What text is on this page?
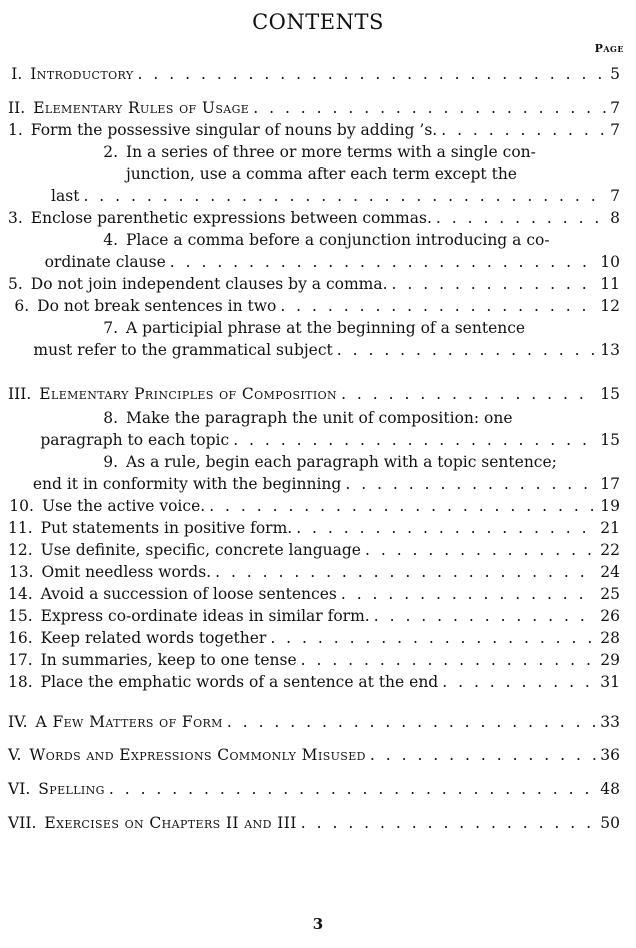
CONTENTS
Page
I. Introductory . . .	5
II. Elementary Rules of Usage . . .	7
1. Form the possessive singular of nouns by adding ’s. . . .	7
2. In a series of three or more terms with a single con-
junction, use a comma after each term except the
last . . .	7
3. Enclose parenthetic expressions between commas. . . .	8
4. Place a comma before a conjunction introducing a co-
ordinate clause . . .	10
5. Do not join independent clauses by a comma. . . .	11
6. Do not break sentences in two . . .	12
7. A participial phrase at the beginning of a sentence
must refer to the grammatical subject . . .	13
III. Elementary Principles of Composition . . .	15
8. Make the paragraph the unit of composition: one
paragraph to each topic . . .	15
9. As a rule, begin each paragraph with a topic sentence;
end it in conformity with the beginning . . .	17
10. Use the active voice. . . .	19
11. Put statements in positive form. . . .	21
12. Use definite, specific, concrete language . . .	22
13. Omit needless words. . . .	24
14. Avoid a succession of loose sentences . . .	25
15. Express co-ordinate ideas in similar form. . . .	26
16. Keep related words together . . .	28
17. In summaries, keep to one tense . . .	29
18. Place the emphatic words of a sentence at the end . . .	31
IV. A Few Matters of Form . . .	33
V. Words and Expressions Commonly Misused . . .	36
VI. Spelling . . .	48
VII. Exercises on Chapters II and III . . .	50
3
